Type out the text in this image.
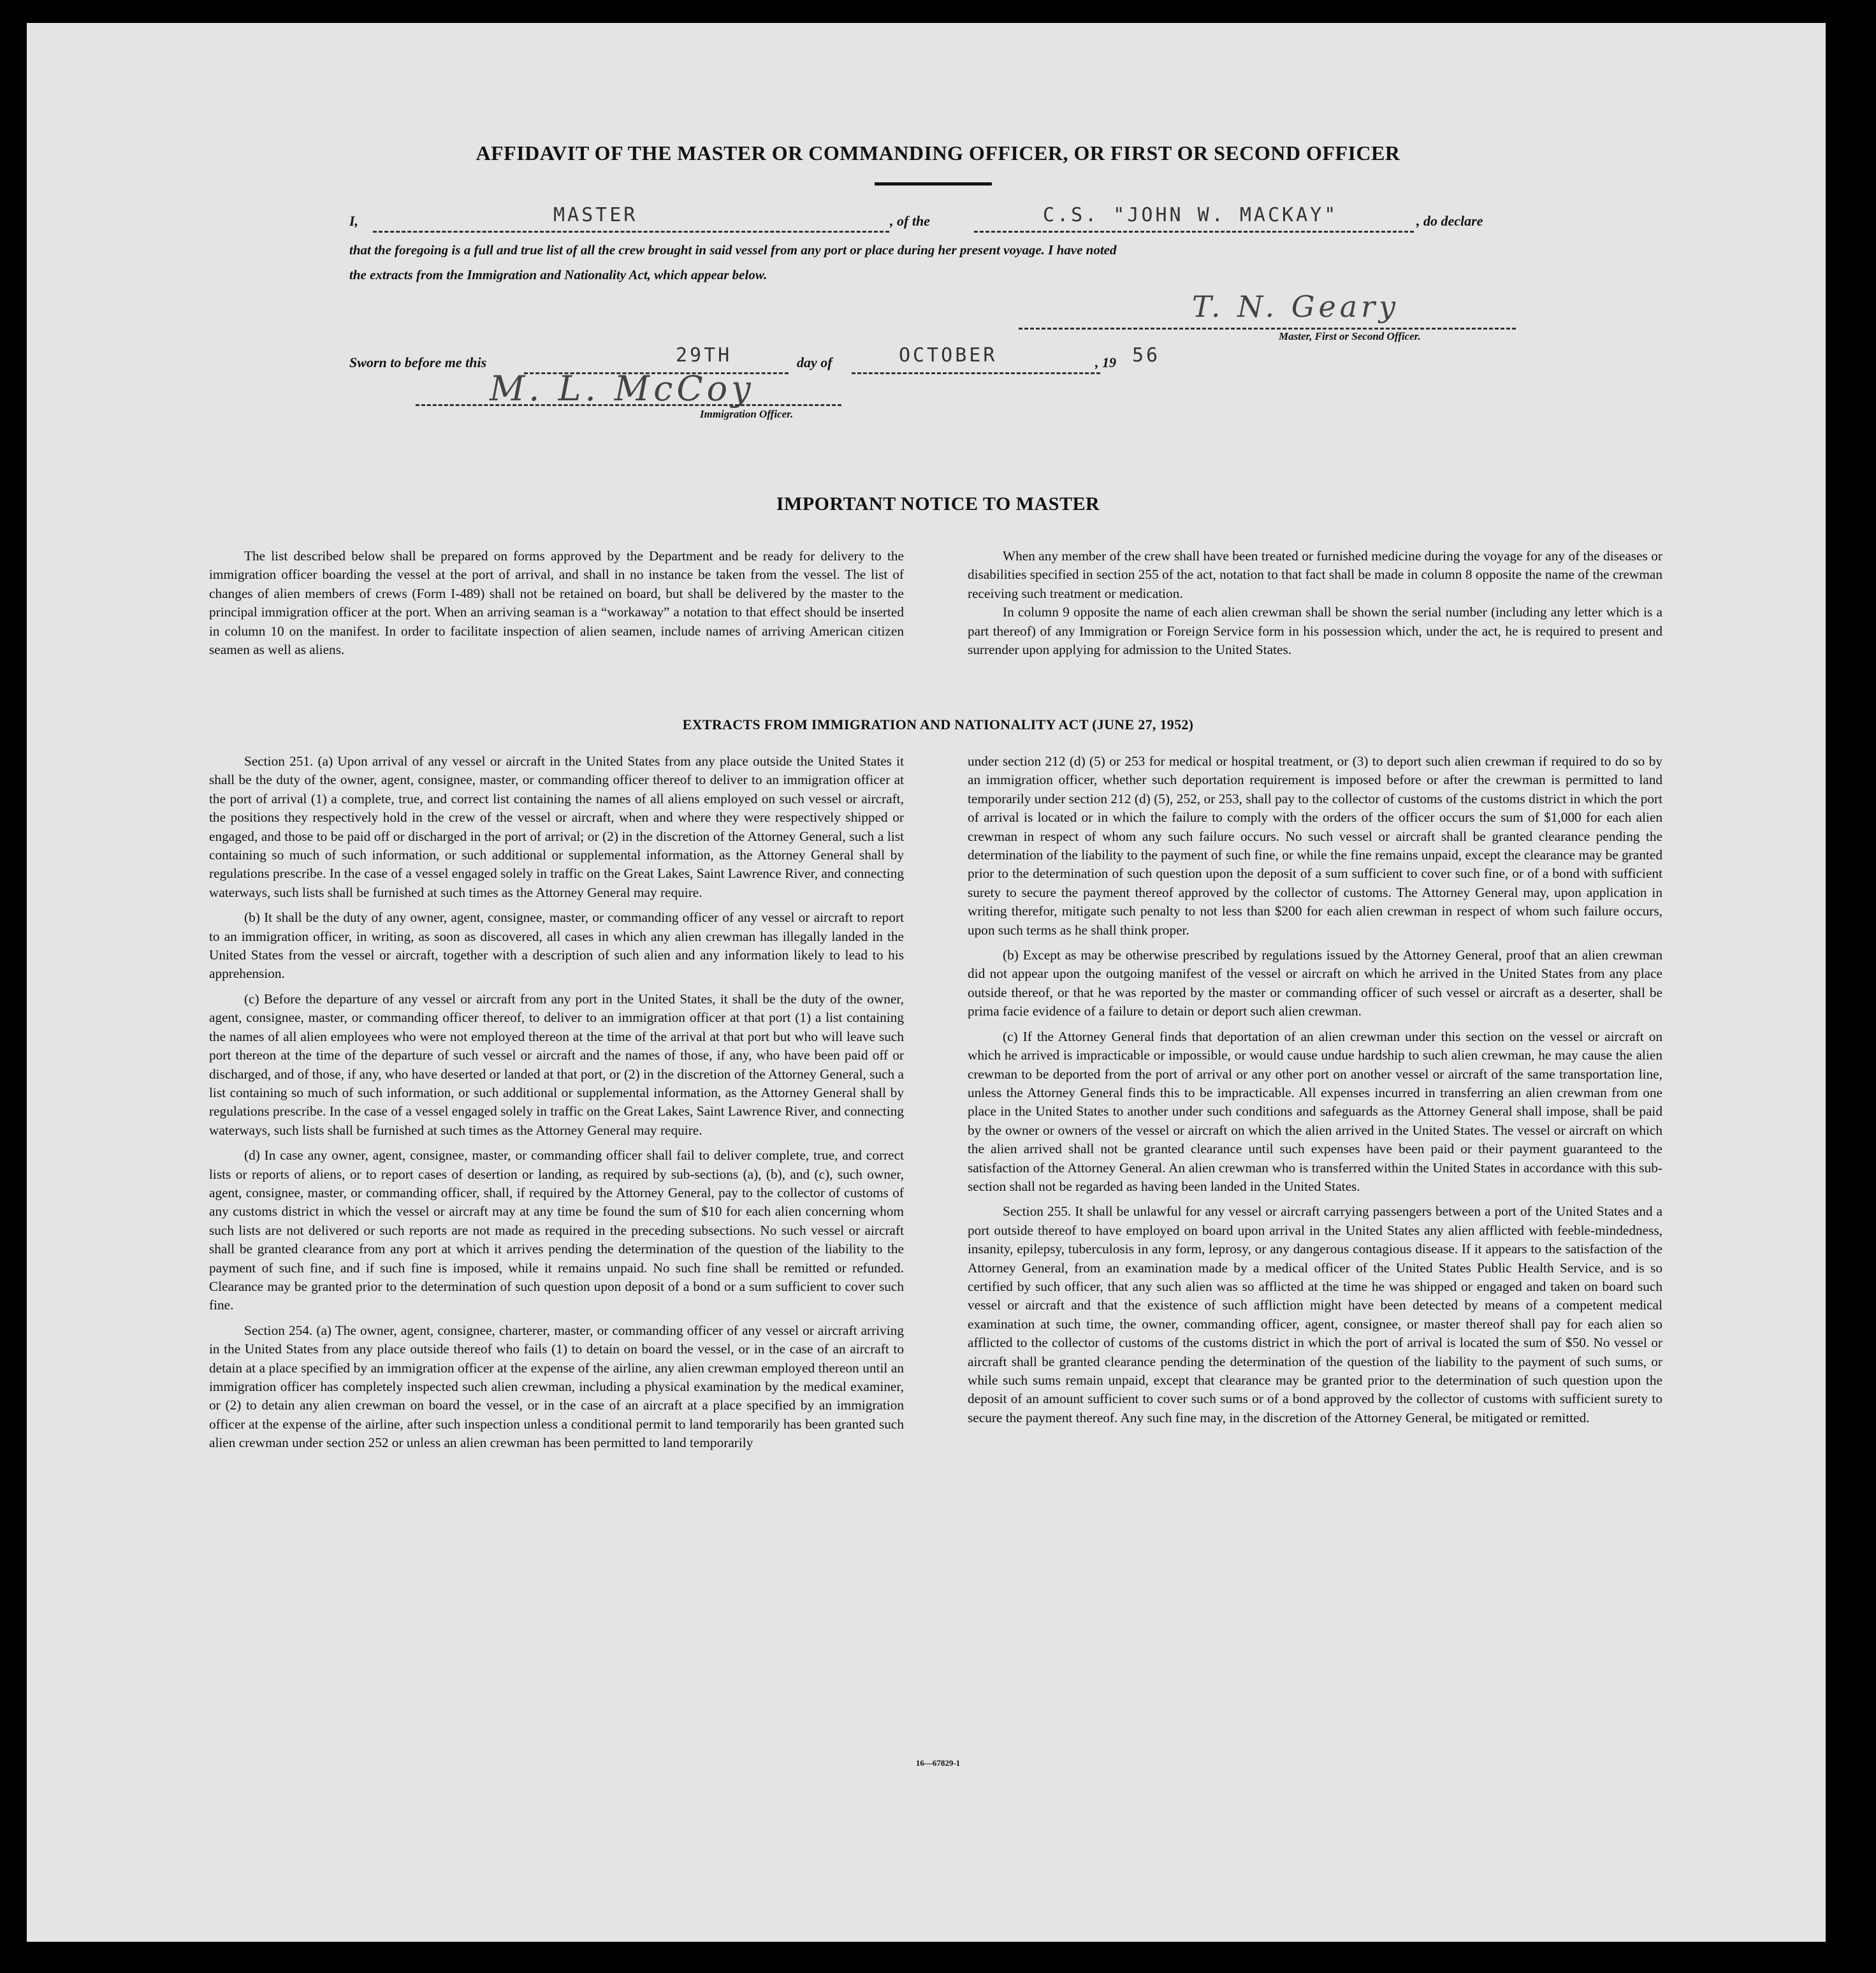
AFFIDAVIT OF THE MASTER OR COMMANDING OFFICER, OR FIRST OR SECOND OFFICER
I,	MASTER	, of the	C.S. "JOHN W. MACKAY"	, do declare
that the foregoing is a full and true list of all the crew brought in said vessel from any port or place during her present voyage. I have noted
the extracts from the Immigration and Nationality Act, which appear below.
T. N. Geary
Master, First or Second Officer.
Sworn to before me this	29TH	day of	OCTOBER	, 19 56
M. L. McCoy
Immigration Officer.
IMPORTANT NOTICE TO MASTER

The list described below shall be prepared on forms approved by the Department and be ready for delivery to the immigration officer boarding the vessel at the port of arrival, and shall in no instance be taken from the vessel. The list of changes of alien members of crews (Form I-489) shall not be retained on board, but shall be delivered by the master to the principal immigration officer at the port. When an arriving seaman is a “workaway” a notation to that effect should be inserted in column 10 on the manifest. In order to facilitate inspection of alien seamen, include names of arriving American citizen seamen as well as aliens.

When any member of the crew shall have been treated or furnished medicine during the voyage for any of the diseases or disabilities specified in section 255 of the act, notation to that fact shall be made in column 8 opposite the name of the crewman receiving such treatment or medication.

In column 9 opposite the name of each alien crewman shall be shown the serial number (including any letter which is a part thereof) of any Immigration or Foreign Service form in his possession which, under the act, he is required to present and surrender upon applying for admission to the United States.

EXTRACTS FROM IMMIGRATION AND NATIONALITY ACT (JUNE 27, 1952)

Section 251. (a) Upon arrival of any vessel or aircraft in the United States from any place outside the United States it shall be the duty of the owner, agent, consignee, master, or commanding officer thereof to deliver to an immigration officer at the port of arrival (1) a complete, true, and correct list containing the names of all aliens employed on such vessel or aircraft, the positions they respectively hold in the crew of the vessel or aircraft, when and where they were respectively shipped or engaged, and those to be paid off or discharged in the port of arrival; or (2) in the discretion of the Attorney General, such a list containing so much of such information, or such additional or supplemental information, as the Attorney General shall by regulations prescribe. In the case of a vessel engaged solely in traffic on the Great Lakes, Saint Lawrence River, and connecting waterways, such lists shall be furnished at such times as the Attorney General may require.

(b) It shall be the duty of any owner, agent, consignee, master, or commanding officer of any vessel or aircraft to report to an immigration officer, in writing, as soon as discovered, all cases in which any alien crewman has illegally landed in the United States from the vessel or aircraft, together with a description of such alien and any information likely to lead to his apprehension.

(c) Before the departure of any vessel or aircraft from any port in the United States, it shall be the duty of the owner, agent, consignee, master, or commanding officer thereof, to deliver to an immigration officer at that port (1) a list containing the names of all alien employees who were not employed thereon at the time of the arrival at that port but who will leave such port thereon at the time of the departure of such vessel or aircraft and the names of those, if any, who have been paid off or discharged, and of those, if any, who have deserted or landed at that port, or (2) in the discretion of the Attorney General, such a list containing so much of such information, or such additional or supplemental information, as the Attorney General shall by regulations prescribe. In the case of a vessel engaged solely in traffic on the Great Lakes, Saint Lawrence River, and connecting waterways, such lists shall be furnished at such times as the Attorney General may require.

(d) In case any owner, agent, consignee, master, or commanding officer shall fail to deliver complete, true, and correct lists or reports of aliens, or to report cases of desertion or landing, as required by sub-sections (a), (b), and (c), such owner, agent, consignee, master, or commanding officer, shall, if required by the Attorney General, pay to the collector of customs of any customs district in which the vessel or aircraft may at any time be found the sum of $10 for each alien concerning whom such lists are not delivered or such reports are not made as required in the preceding subsections. No such vessel or aircraft shall be granted clearance from any port at which it arrives pending the determination of the question of the liability to the payment of such fine, and if such fine is imposed, while it remains unpaid. No such fine shall be remitted or refunded. Clearance may be granted prior to the determination of such question upon deposit of a bond or a sum sufficient to cover such fine.

Section 254. (a) The owner, agent, consignee, charterer, master, or commanding officer of any vessel or aircraft arriving in the United States from any place outside thereof who fails (1) to detain on board the vessel, or in the case of an aircraft to detain at a place specified by an immigration officer at the expense of the airline, any alien crewman employed thereon until an immigration officer has completely inspected such alien crewman, including a physical examination by the medical examiner, or (2) to detain any alien crewman on board the vessel, or in the case of an aircraft at a place specified by an immigration officer at the expense of the airline, after such inspection unless a conditional permit to land temporarily has been granted such alien crewman under section 252 or unless an alien crewman has been permitted to land temporarily

under section 212 (d) (5) or 253 for medical or hospital treatment, or (3) to deport such alien crewman if required to do so by an immigration officer, whether such deportation requirement is imposed before or after the crewman is permitted to land temporarily under section 212 (d) (5), 252, or 253, shall pay to the collector of customs of the customs district in which the port of arrival is located or in which the failure to comply with the orders of the officer occurs the sum of $1,000 for each alien crewman in respect of whom any such failure occurs. No such vessel or aircraft shall be granted clearance pending the determination of the liability to the payment of such fine, or while the fine remains unpaid, except the clearance may be granted prior to the determination of such question upon the deposit of a sum sufficient to cover such fine, or of a bond with sufficient surety to secure the payment thereof approved by the collector of customs. The Attorney General may, upon application in writing therefor, mitigate such penalty to not less than $200 for each alien crewman in respect of whom such failure occurs, upon such terms as he shall think proper.

(b) Except as may be otherwise prescribed by regulations issued by the Attorney General, proof that an alien crewman did not appear upon the outgoing manifest of the vessel or aircraft on which he arrived in the United States from any place outside thereof, or that he was reported by the master or commanding officer of such vessel or aircraft as a deserter, shall be prima facie evidence of a failure to detain or deport such alien crewman.

(c) If the Attorney General finds that deportation of an alien crewman under this section on the vessel or aircraft on which he arrived is impracticable or impossible, or would cause undue hardship to such alien crewman, he may cause the alien crewman to be deported from the port of arrival or any other port on another vessel or aircraft of the same transportation line, unless the Attorney General finds this to be impracticable. All expenses incurred in transferring an alien crewman from one place in the United States to another under such conditions and safeguards as the Attorney General shall impose, shall be paid by the owner or owners of the vessel or aircraft on which the alien arrived in the United States. The vessel or aircraft on which the alien arrived shall not be granted clearance until such expenses have been paid or their payment guaranteed to the satisfaction of the Attorney General. An alien crewman who is transferred within the United States in accordance with this sub-section shall not be regarded as having been landed in the United States.

Section 255. It shall be unlawful for any vessel or aircraft carrying passengers between a port of the United States and a port outside thereof to have employed on board upon arrival in the United States any alien afflicted with feeble-mindedness, insanity, epilepsy, tuberculosis in any form, leprosy, or any dangerous contagious disease. If it appears to the satisfaction of the Attorney General, from an examination made by a medical officer of the United States Public Health Service, and is so certified by such officer, that any such alien was so afflicted at the time he was shipped or engaged and taken on board such vessel or aircraft and that the existence of such affliction might have been detected by means of a competent medical examination at such time, the owner, commanding officer, agent, consignee, or master thereof shall pay for each alien so afflicted to the collector of customs of the customs district in which the port of arrival is located the sum of $50. No vessel or aircraft shall be granted clearance pending the determination of the question of the liability to the payment of such sums, or while such sums remain unpaid, except that clearance may be granted prior to the determination of such question upon the deposit of an amount sufficient to cover such sums or of a bond approved by the collector of customs with sufficient surety to secure the payment thereof. Any such fine may, in the discretion of the Attorney General, be mitigated or remitted.

16—67829-1
